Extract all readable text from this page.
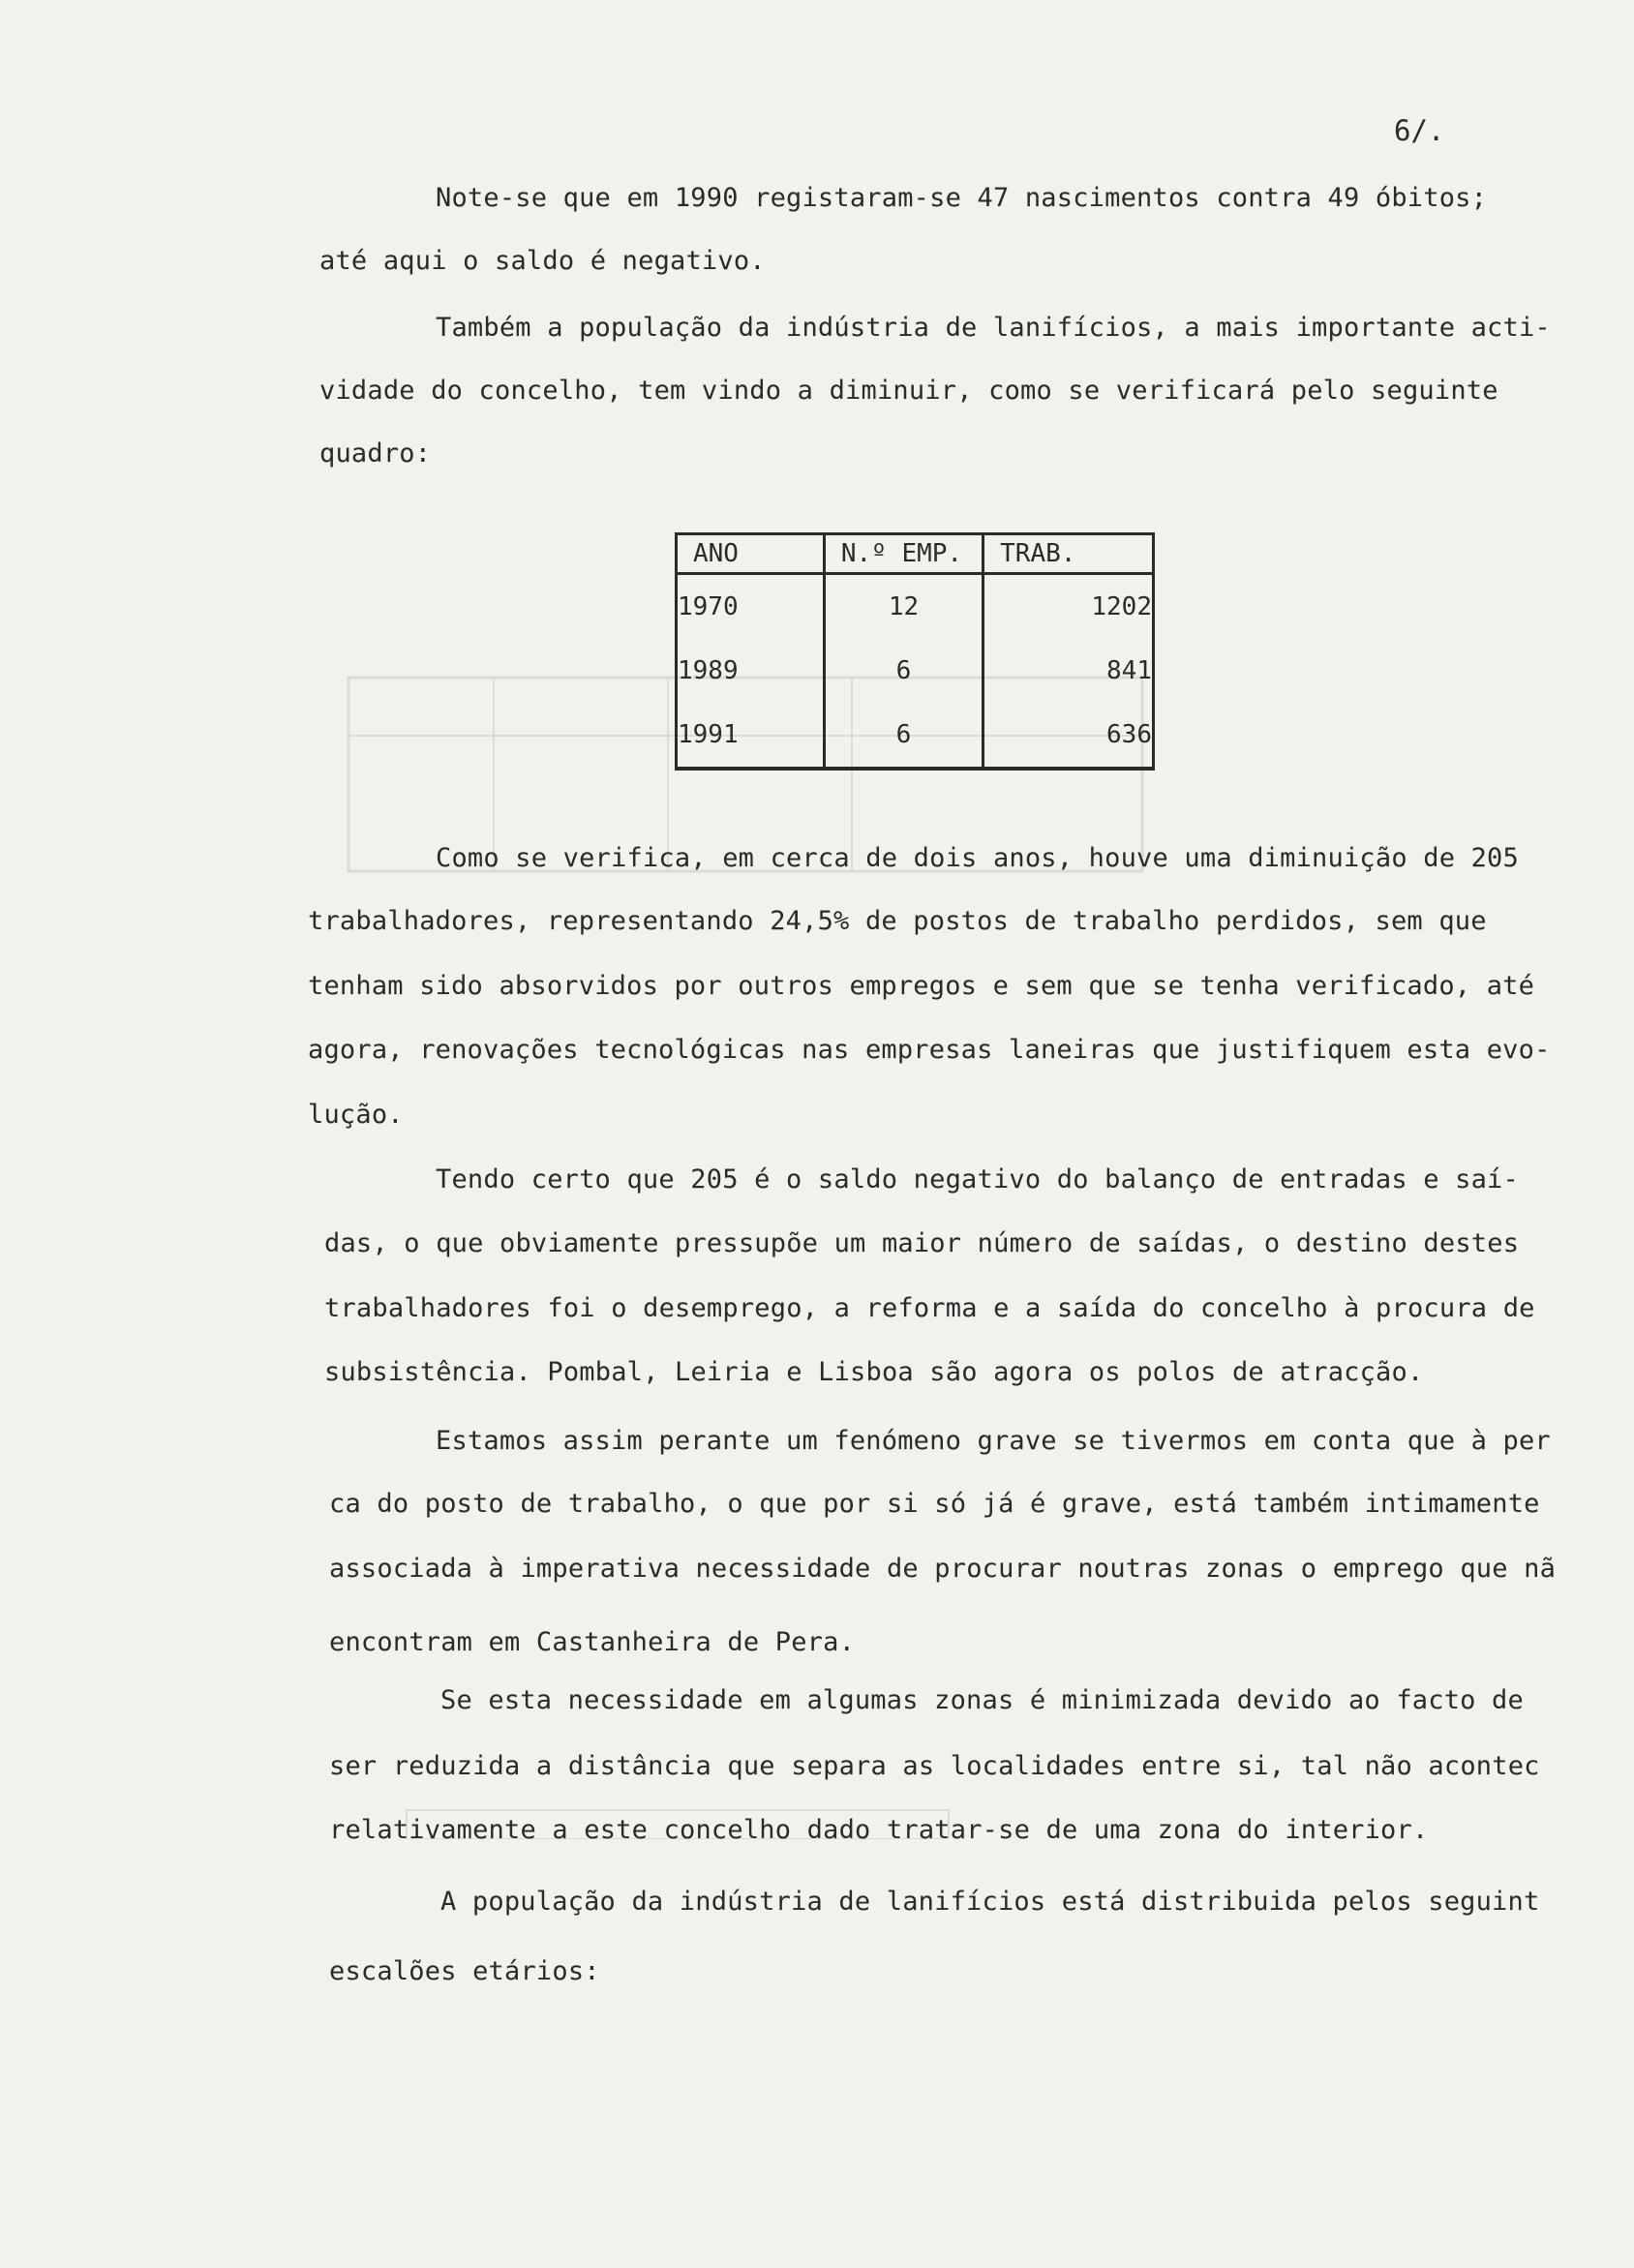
6/.
Note-se que em 1990 registaram-se 47 nascimentos contra 49 óbitos;
até aqui o saldo é negativo.
Também a população da indústria de lanifícios, a mais importante acti-
vidade do concelho, tem vindo a diminuir, como se verificará pelo seguinte
quadro:
ANO	N.º EMP.	TRAB.
1970	12	1202
1989	6	841
1991	6	636
Como se verifica, em cerca de dois anos, houve uma diminuição de 205
trabalhadores, representando 24,5% de postos de trabalho perdidos, sem que
tenham sido absorvidos por outros empregos e sem que se tenha verificado, até
agora, renovações tecnológicas nas empresas laneiras que justifiquem esta evo-
lução.
Tendo certo que 205 é o saldo negativo do balanço de entradas e saí-
das, o que obviamente pressupõe um maior número de saídas, o destino destes
trabalhadores foi o desemprego, a reforma e a saída do concelho à procura de
subsistência. Pombal, Leiria e Lisboa são agora os polos de atracção.
Estamos assim perante um fenómeno grave se tivermos em conta que à per
ca do posto de trabalho, o que por si só já é grave, está também intimamente
associada à imperativa necessidade de procurar noutras zonas o emprego que nã
encontram em Castanheira de Pera.
Se esta necessidade em algumas zonas é minimizada devido ao facto de
ser reduzida a distância que separa as localidades entre si, tal não acontec
relativamente a este concelho dado tratar-se de uma zona do interior.
A população da indústria de lanifícios está distribuida pelos seguint
escalões etários:
